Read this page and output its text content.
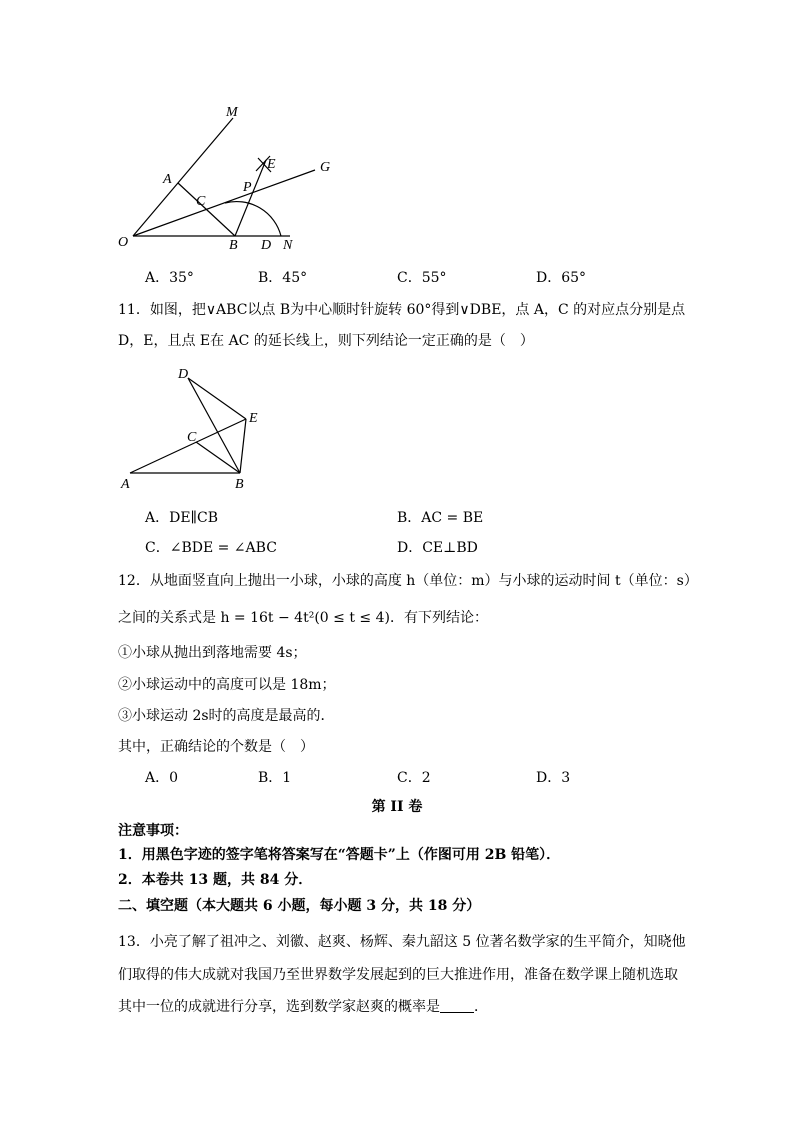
M
E	G
A
P
C
O	B D N
A．35°	B．45°	C．55°	D．65°
11．如图，把∨ABC以点 B为中心顺时针旋转 60°得到∨DBE，点 A，C 的对应点分别是点
D，E，且点 E在 AC 的延长线上，则下列结论一定正确的是（　）
D
E
C
A	B
A．DE∥CB	B．AC = BE
C．∠BDE = ∠ABC	D．CE⊥BD
12．从地面竖直向上抛出一小球，小球的高度 h（单位：m）与小球的运动时间 t（单位：s）
之间的关系式是 h = 16t − 4t²(0 ≤ t ≤ 4)．有下列结论：
①小球从抛出到落地需要 4s；
②小球运动中的高度可以是 18m；
③小球运动 2s时的高度是最高的．
其中，正确结论的个数是（　）
A．0	B．1	C．2	D．3
第 II 卷
注意事项：
1．用黑色字迹的签字笔将答案写在“答题卡”上（作图可用 2B 铅笔）．
2．本卷共 13 题，共 84 分．
二、填空题（本大题共 6 小题，每小题 3 分，共 18 分）
13．小亮了解了祖冲之、刘徽、赵爽、杨辉、秦九韶这 5 位著名数学家的生平简介，知晓他
们取得的伟大成就对我国乃至世界数学发展起到的巨大推进作用，准备在数学课上随机选取
其中一位的成就进行分享，选到数学家赵爽的概率是 ．
